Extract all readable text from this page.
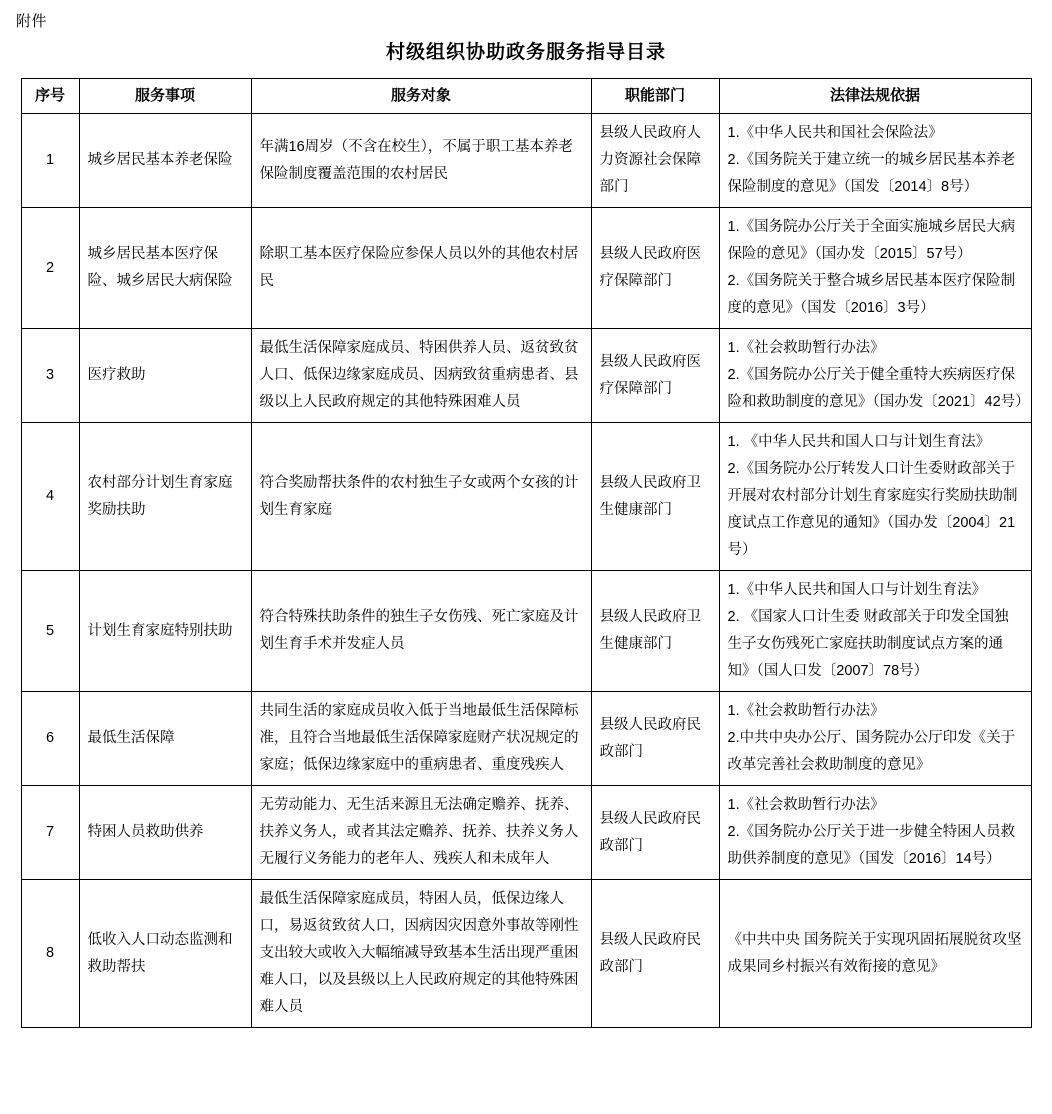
附件
村级组织协助政务服务指导目录
序号	服务事项	服务对象	职能部门	法律法规依据
1	城乡居民基本养老保险	年满16周岁（不含在校生），不属于职工基本养老保险制度覆盖范围的农村居民	县级人民政府人力资源社会保障部门	1.《中华人民共和国社会保险法》
2.《国务院关于建立统一的城乡居民基本养老保险制度的意见》（国发〔2014〕8号）

2	城乡居民基本医疗保险、城乡居民大病保险	除职工基本医疗保险应参保人员以外的其他农村居民	县级人民政府医疗保障部门	1.《国务院办公厅关于全面实施城乡居民大病保险的意见》（国办发〔2015〕57号）
2.《国务院关于整合城乡居民基本医疗保险制度的意见》（国发〔2016〕3号）

3	医疗救助	最低生活保障家庭成员、特困供养人员、返贫致贫人口、低保边缘家庭成员、因病致贫重病患者、县级以上人民政府规定的其他特殊困难人员	县级人民政府医疗保障部门	1.《社会救助暂行办法》
2.《国务院办公厅关于健全重特大疾病医疗保险和救助制度的意见》（国办发〔2021〕42号）

4	农村部分计划生育家庭奖励扶助	符合奖励帮扶条件的农村独生子女或两个女孩的计划生育家庭	县级人民政府卫生健康部门	1. 《中华人民共和国人口与计划生育法》
2.《国务院办公厅转发人口计生委财政部关于开展对农村部分计划生育家庭实行奖励扶助制度试点工作意见的通知》（国办发〔2004〕21号）

5	计划生育家庭特别扶助	符合特殊扶助条件的独生子女伤残、死亡家庭及计划生育手术并发症人员	县级人民政府卫生健康部门	1.《中华人民共和国人口与计划生育法》
2. 《国家人口计生委 财政部关于印发全国独生子女伤残死亡家庭扶助制度试点方案的通知》（国人口发〔2007〕78号）

6	最低生活保障	共同生活的家庭成员收入低于当地最低生活保障标准，且符合当地最低生活保障家庭财产状况规定的家庭；低保边缘家庭中的重病患者、重度残疾人	县级人民政府民政部门	1.《社会救助暂行办法》
2.中共中央办公厅、国务院办公厅印发《关于改革完善社会救助制度的意见》

7	特困人员救助供养	无劳动能力、无生活来源且无法确定赡养、抚养、扶养义务人，或者其法定赡养、抚养、扶养义务人无履行义务能力的老年人、残疾人和未成年人	县级人民政府民政部门	1.《社会救助暂行办法》
2.《国务院办公厅关于进一步健全特困人员救助供养制度的意见》（国发〔2016〕14号）

8	低收入人口动态监测和救助帮扶	最低生活保障家庭成员，特困人员，低保边缘人口，易返贫致贫人口，因病因灾因意外事故等刚性支出较大或收入大幅缩减导致基本生活出现严重困难人口，以及县级以上人民政府规定的其他特殊困难人员	县级人民政府民政部门	《中共中央 国务院关于实现巩固拓展脱贫攻坚成果同乡村振兴有效衔接的意见》
